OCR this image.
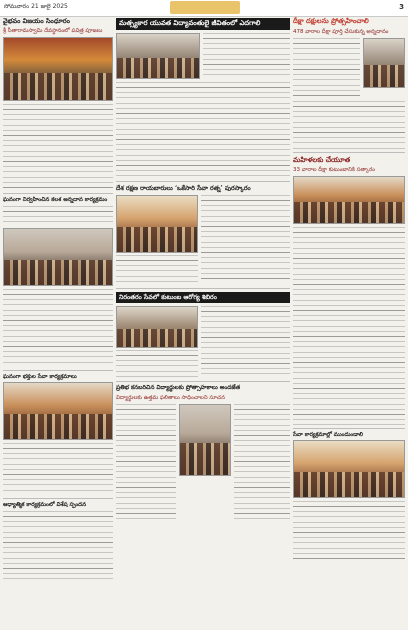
సోమవారం 21 జులై 2025	3
వైభవం విజయం సింధూరం
శ్రీ సీతారామస్వామి దేవస్థానంలో పవిత్ర పూజలు
ఘనంగా నిర్వహించిన కలశ అన్నదాన కార్యక్రమం
ఘనంగా భక్తుల సేవా కార్యక్రమాలు
ఆధ్యాత్మిక కార్యక్రమంలో విశేష స్పందన
మత్స్యకార యువత విద్యావంతులై జీవితంలో ఎదగాలి
దేశ రక్షణ రాయబారులు ‘ఒకేసారి సేవా రత్న’ పురస్కారం
నిరంతరం సేవలో కుటుంబ ఆరోగ్య శిబిరం
ప్రతిభ కనబరిచిన విద్యార్థులకు ప్రోత్సాహకాలు అందజేత
విద్యార్థులకు ఉత్తమ ఫలితాలు సాధించాలని సూచన
దీక్షా దక్షులను ప్రోత్సహించాలి
478 వారాల దీక్షా పూర్తి చేసుకున్న అన్నదానం
మహిళలకు చేయూత
33 వారాల దీక్షా కుటుంబానికి సత్కారం
సేవా కార్యక్రమాల్లో ముందుండాలి
